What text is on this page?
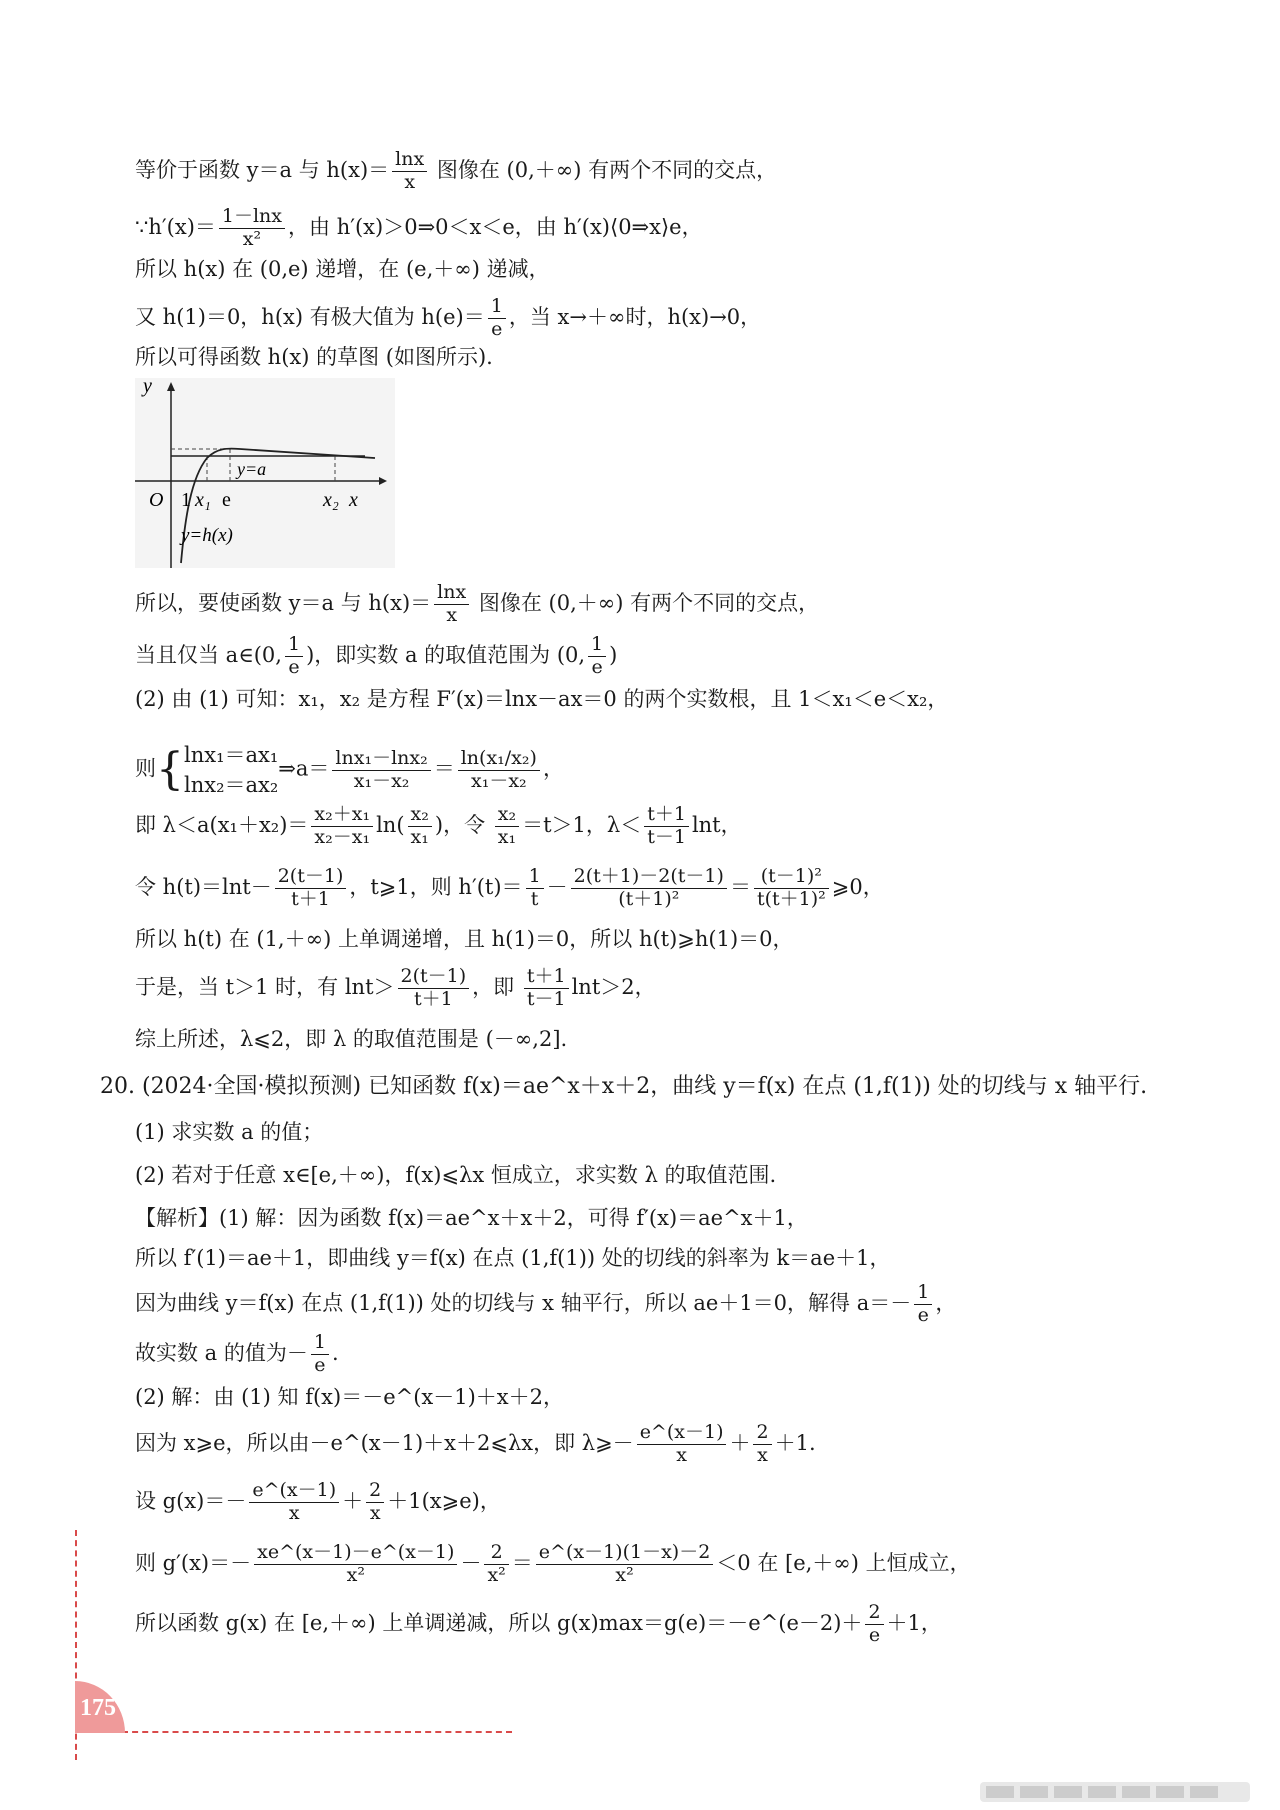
等价于函数 y＝a 与 $h(x)= \frac{\ln x}{x}$ 图像在 (0,＋∞) 有两个不同的交点，
∵h′(x)＝ $\frac{1-\ln x}{\text{x²}}$ ，由 h′(x)＞0⇒0＜x＜e，由 h′(x)⟨0⇒x⟩e，
所以 h(x) 在 (0,e) 递增，在 (e,＋∞) 递减，
又 h(1)＝0，h(x) 有极大值为 $h(e)= \frac{1}{e}$ ，当 x→＋∞时，h(x)→0，
所以可得函数 h(x) 的草图 (如图所示).
y
x
O 1 x₁ e	x₂
y=a
y=h(x)
所以，要使函数 y＝a 与 $h(x)= \frac{\ln x}{x}$ 图像在 (0,＋∞) 有两个不同的交点，
当且仅当 a∈(0, $\frac{1}{e}$ )，即实数 a 的取值范围为 (0, $\frac{1}{e}$ )
(2) 由 (1) 可知：x₁，x₂ 是方程 F′(x)＝lnx－ax＝0 的两个实数根，且 1＜x₁＜e＜x₂，
则{ lnx₁＝ax₁
lnx₂＝ax₂
⇒a＝ $\frac{\text{lnx₁－lnx₂}}{\text{x₁－x₂}} = \frac{\text{ln(x₁/x₂)}}{\text{x₁－x₂}}$ ，
即 $\lambda<a(x_1+x_2)= \frac{\text{x₂＋x₁}}{\text{x₂－x₁}} \ln( \frac{\text{x₂}}{\text{x₁}}$ )，令 $\frac{\text{x₂}}{\text{x₁}} =t>1$，$\lambda< \frac{t+1}{t-1}$ lnt，
令 $h(t)=\ln t- \frac{2(t-1)}{t+1}$ ，t⩾1，则 $h'(t)= \frac{1}{t} - \frac{2(t+1)-2(t-1)}{\text{(t＋1)²}} = \frac{\text{(t－1)²}}{\text{t(t＋1)²}}$ ⩾0，
所以 h(t) 在 (1,＋∞) 上单调递增，且 h(1)＝0，所以 h(t)⩾h(1)＝0，
于是，当 t＞1 时，有 $\ln t> \frac{2(t-1)}{t+1}$ ，即 $\frac{t+1}{t-1} \ln t>2$，
综上所述，λ⩽2，即 λ 的取值范围是 (－∞,2].
20. (2024·全国·模拟预测) 已知函数 f(x)＝ae^x＋x＋2，曲线 y＝f(x) 在点 (1,f(1)) 处的切线与 x 轴平行.
(1) 求实数 a 的值；
(2) 若对于任意 x∈[e,＋∞)，f(x)⩽λx 恒成立，求实数 λ 的取值范围.
【解析】(1) 解：因为函数 f(x)＝ae^x＋x＋2，可得 f′(x)＝ae^x＋1，
所以 f′(1)＝ae＋1，即曲线 y＝f(x) 在点 (1,f(1)) 处的切线的斜率为 k＝ae＋1，
因为曲线 y＝f(x) 在点 (1,f(1)) 处的切线与 x 轴平行，所以 ae＋1＝0，解得 $a=- \frac{1}{e}$ ，
故实数 a 的值为－ $\frac{1}{e}$ .
(2) 解：由 (1) 知 f(x)＝－e^(x－1)＋x＋2，
因为 x⩾e，所以由－e^(x－1)＋x＋2⩽λx，即 λ⩾－ $\frac{e\^{}(x-1)}{x} + \frac{2}{x} +1$.
设 $g(x)=- \frac{e\^{}(x-1)}{x} + \frac{2}{x}$ ＋1(x⩾e)，
则 $g'(x)=- \frac{xe\^{}(x-1)-e\^{}(x-1)}{\text{x²}} - \frac{2}{\text{x²}} = \frac{e\^{}(x-1)(1-x)-2}{\text{x²}} <0$ 在 [e,＋∞) 上恒成立，
所以函数 g(x) 在 [e,＋∞) 上单调递减，所以 g(x)max＝g(e)＝－e^(e－2)＋ $\frac{2}{e} +1$，
175
